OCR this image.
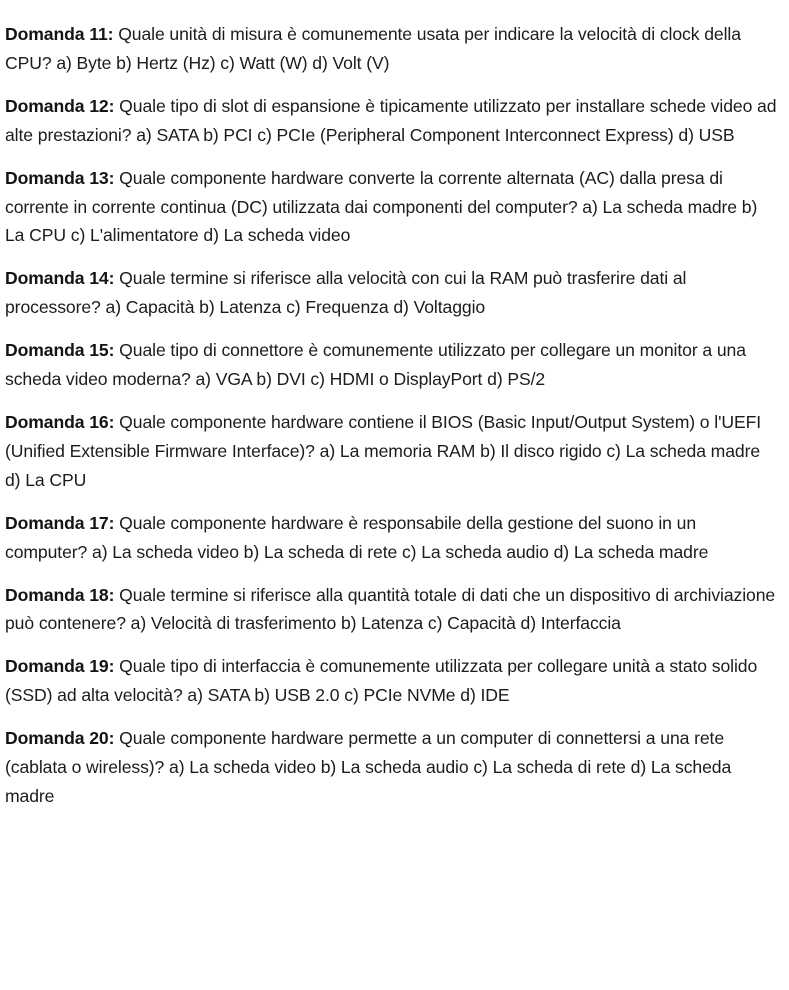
Domanda 11: Quale unità di misura è comunemente usata per indicare la velocità di clock della CPU? a) Byte b) Hertz (Hz) c) Watt (W) d) Volt (V)

Domanda 12: Quale tipo di slot di espansione è tipicamente utilizzato per installare schede video ad alte prestazioni? a) SATA b) PCI c) PCIe (Peripheral Component Interconnect Express) d) USB

Domanda 13: Quale componente hardware converte la corrente alternata (AC) dalla presa di corrente in corrente continua (DC) utilizzata dai componenti del computer? a) La scheda madre b) La CPU c) L'alimentatore d) La scheda video

Domanda 14: Quale termine si riferisce alla velocità con cui la RAM può trasferire dati al processore? a) Capacità b) Latenza c) Frequenza d) Voltaggio

Domanda 15: Quale tipo di connettore è comunemente utilizzato per collegare un monitor a una scheda video moderna? a) VGA b) DVI c) HDMI o DisplayPort d) PS/2

Domanda 16: Quale componente hardware contiene il BIOS (Basic Input/Output System) o l'UEFI (Unified Extensible Firmware Interface)? a) La memoria RAM b) Il disco rigido c) La scheda madre d) La CPU

Domanda 17: Quale componente hardware è responsabile della gestione del suono in un computer? a) La scheda video b) La scheda di rete c) La scheda audio d) La scheda madre

Domanda 18: Quale termine si riferisce alla quantità totale di dati che un dispositivo di archiviazione può contenere? a) Velocità di trasferimento b) Latenza c) Capacità d) Interfaccia

Domanda 19: Quale tipo di interfaccia è comunemente utilizzata per collegare unità a stato solido (SSD) ad alta velocità? a) SATA b) USB 2.0 c) PCIe NVMe d) IDE

Domanda 20: Quale componente hardware permette a un computer di connettersi a una rete (cablata o wireless)? a) La scheda video b) La scheda audio c) La scheda di rete d) La scheda madre
